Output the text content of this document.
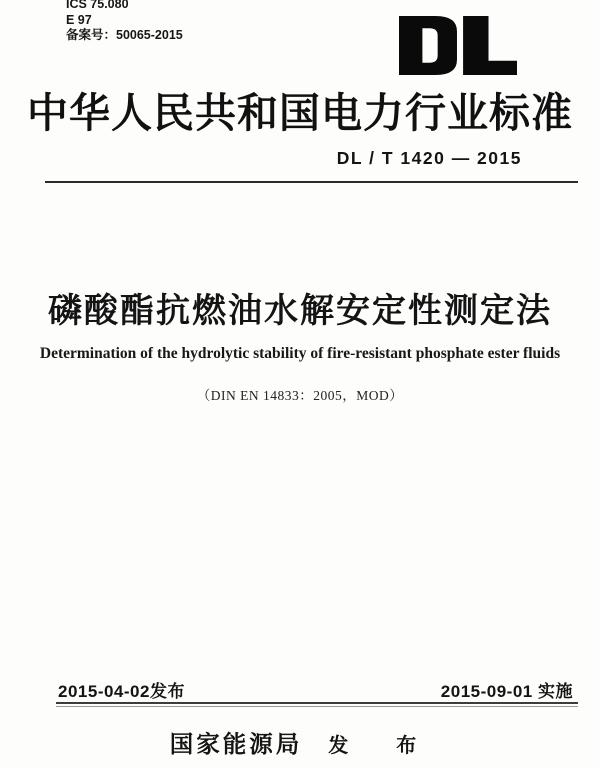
ICS 75.080
E 97
备案号：50065-2015
中华人民共和国电力行业标准
DL / T 1420 — 2015
磷酸酯抗燃油水解安定性测定法
Determination of the hydrolytic stability of fire-resistant phosphate ester fluids
（DIN EN 14833：2005，MOD）
2015-04-02发布	2015-09-01 实施
国家能源局 发　布
